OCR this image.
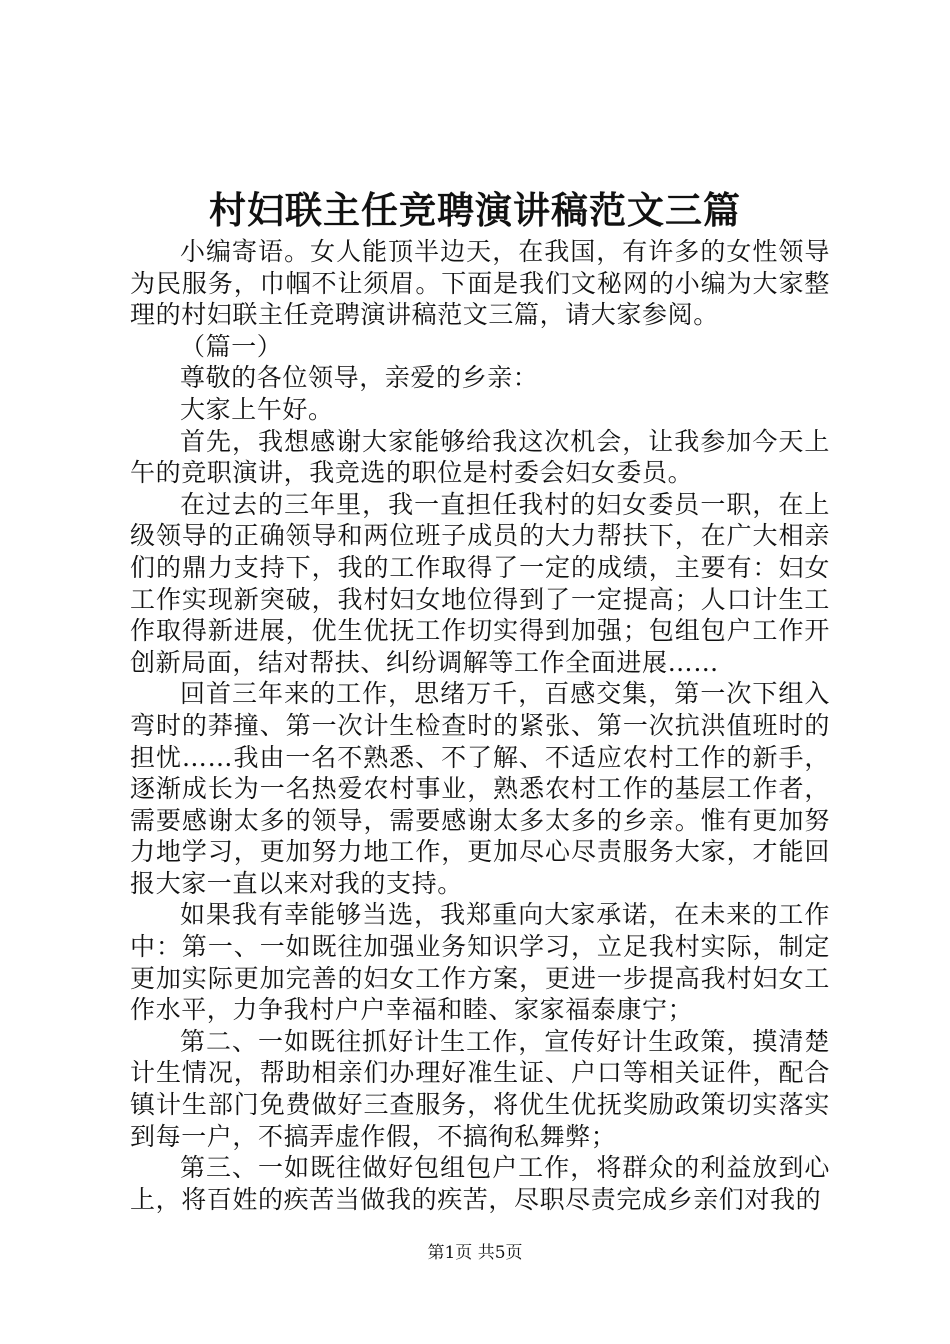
村妇联主任竞聘演讲稿范文三篇

小编寄语。女人能顶半边天，在我国，有许多的女性领导为民服务，巾帼不让须眉。下面是我们文秘网的小编为大家整理的村妇联主任竞聘演讲稿范文三篇，请大家参阅。

（篇一）

尊敬的各位领导，亲爱的乡亲：

大家上午好。

首先，我想感谢大家能够给我这次机会，让我参加今天上午的竞职演讲，我竞选的职位是村委会妇女委员。

在过去的三年里，我一直担任我村的妇女委员一职，在上级领导的正确领导和两位班子成员的大力帮扶下，在广大相亲们的鼎力支持下，我的工作取得了一定的成绩，主要有：妇女工作实现新突破，我村妇女地位得到了一定提高；人口计生工作取得新进展，优生优抚工作切实得到加强；包组包户工作开创新局面，结对帮扶、纠纷调解等工作全面进展……

回首三年来的工作，思绪万千，百感交集，第一次下组入弯时的莽撞、第一次计生检查时的紧张、第一次抗洪值班时的担忧……我由一名不熟悉、不了解、不适应农村工作的新手，逐渐成长为一名热爱农村事业，熟悉农村工作的基层工作者，需要感谢太多的领导，需要感谢太多太多的乡亲。惟有更加努力地学习，更加努力地工作，更加尽心尽责服务大家，才能回报大家一直以来对我的支持。

如果我有幸能够当选，我郑重向大家承诺，在未来的工作中：第一、一如既往加强业务知识学习，立足我村实际，制定更加实际更加完善的妇女工作方案，更进一步提高我村妇女工作水平，力争我村户户幸福和睦、家家福泰康宁；

第二、一如既往抓好计生工作，宣传好计生政策，摸清楚计生情况，帮助相亲们办理好准生证、户口等相关证件，配合镇计生部门免费做好三查服务，将优生优抚奖励政策切实落实到每一户，不搞弄虚作假，不搞徇私舞弊；

第三、一如既往做好包组包户工作，将群众的利益放到心上，将百姓的疾苦当做我的疾苦，尽职尽责完成乡亲们对我的

第1页 共5页
